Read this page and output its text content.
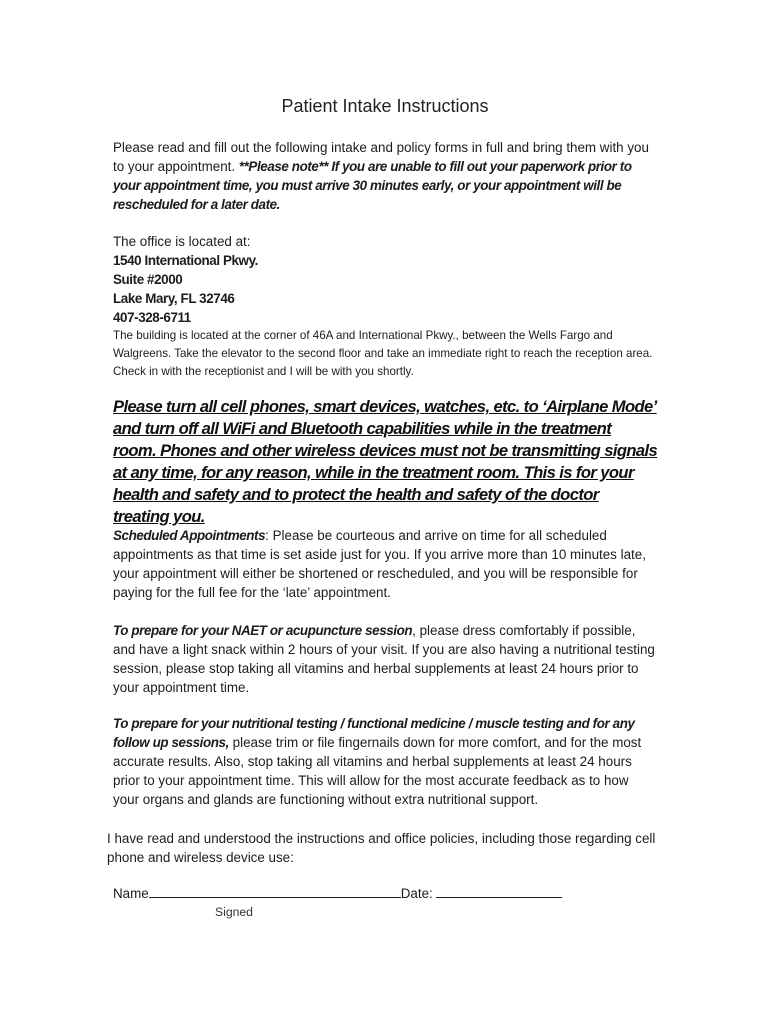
Patient Intake Instructions
Please read and fill out the following intake and policy forms in full and bring them with you to your appointment. **Please note** If you are unable to fill out your paperwork prior to your appointment time, you must arrive 30 minutes early, or your appointment will be rescheduled for a later date.
The office is located at:
1540 International Pkwy.
Suite #2000
Lake Mary, FL 32746
407-328-6711
The building is located at the corner of 46A and International Pkwy., between the Wells Fargo and Walgreens. Take the elevator to the second floor and take an immediate right to reach the reception area. Check in with the receptionist and I will be with you shortly.
Please turn all cell phones, smart devices, watches, etc. to ‘Airplane Mode’ and turn off all WiFi and Bluetooth capabilities while in the treatment room. Phones and other wireless devices must not be transmitting signals at any time, for any reason, while in the treatment room. This is for your health and safety and to protect the health and safety of the doctor treating you.
Scheduled Appointments: Please be courteous and arrive on time for all scheduled appointments as that time is set aside just for you. If you arrive more than 10 minutes late, your appointment will either be shortened or rescheduled, and you will be responsible for paying for the full fee for the ‘late’ appointment.
To prepare for your NAET or acupuncture session, please dress comfortably if possible, and have a light snack within 2 hours of your visit. If you are also having a nutritional testing session, please stop taking all vitamins and herbal supplements at least 24 hours prior to your appointment time.
To prepare for your nutritional testing / functional medicine / muscle testing and for any follow up sessions, please trim or file fingernails down for more comfort, and for the most accurate results. Also, stop taking all vitamins and herbal supplements at least 24 hours prior to your appointment time. This will allow for the most accurate feedback as to how your organs and glands are functioning without extra nutritional support.
I have read and understood the instructions and office policies, including those regarding cell phone and wireless device use:
Name	Date:
Signed
